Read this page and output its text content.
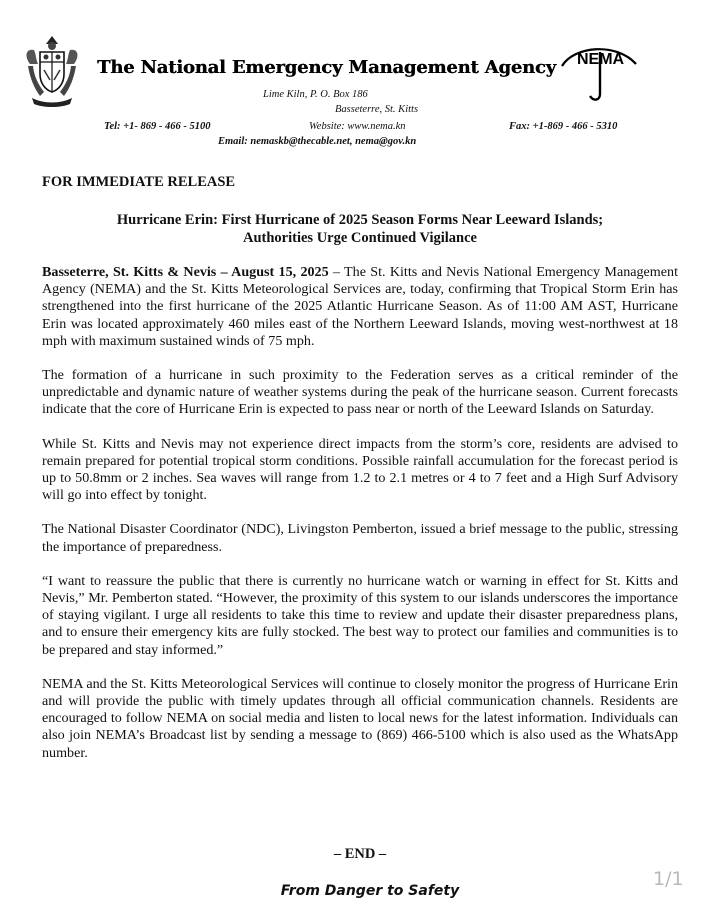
The National Emergency Management Agency	NEMA
Lime Kiln, P. O. Box 186
Basseterre, St. Kitts
Tel: +1- 869 - 466 - 5100	Website: www.nema.kn	Fax: +1-869 - 466 - 5310
Email: nemaskb@thecable.net, nema@gov.kn
FOR IMMEDIATE RELEASE
Hurricane Erin: First Hurricane of 2025 Season Forms Near Leeward Islands;
Authorities Urge Continued Vigilance

Basseterre, St. Kitts & Nevis – August 15, 2025 – The St. Kitts and Nevis National Emergency Management Agency (NEMA) and the St. Kitts Meteorological Services are, today, confirming that Tropical Storm Erin has strengthened into the first hurricane of the 2025 Atlantic Hurricane Season. As of 11:00 AM AST, Hurricane Erin was located approximately 460 miles east of the Northern Leeward Islands, moving west-northwest at 18 mph with maximum sustained winds of 75 mph.

The formation of a hurricane in such proximity to the Federation serves as a critical reminder of the unpredictable and dynamic nature of weather systems during the peak of the hurricane season. Current forecasts indicate that the core of Hurricane Erin is expected to pass near or north of the Leeward Islands on Saturday.

While St. Kitts and Nevis may not experience direct impacts from the storm’s core, residents are advised to remain prepared for potential tropical storm conditions. Possible rainfall accumulation for the forecast period is up to 50.8mm or 2 inches. Sea waves will range from 1.2 to 2.1 metres or 4 to 7 feet and a High Surf Advisory will go into effect by tonight.

The National Disaster Coordinator (NDC), Livingston Pemberton, issued a brief message to the public, stressing the importance of preparedness.

“I want to reassure the public that there is currently no hurricane watch or warning in effect for St. Kitts and Nevis,” Mr. Pemberton stated. “However, the proximity of this system to our islands underscores the importance of staying vigilant. I urge all residents to take this time to review and update their disaster preparedness plans, and to ensure their emergency kits are fully stocked. The best way to protect our families and communities is to be prepared and stay informed.”

NEMA and the St. Kitts Meteorological Services will continue to closely monitor the progress of Hurricane Erin and will provide the public with timely updates through all official communication channels. Residents are encouraged to follow NEMA on social media and listen to local news for the latest information. Individuals can also join NEMA’s Broadcast list by sending a message to (869) 466-5100 which is also used as the WhatsApp number.

– END –
From Danger to Safety
1/1
